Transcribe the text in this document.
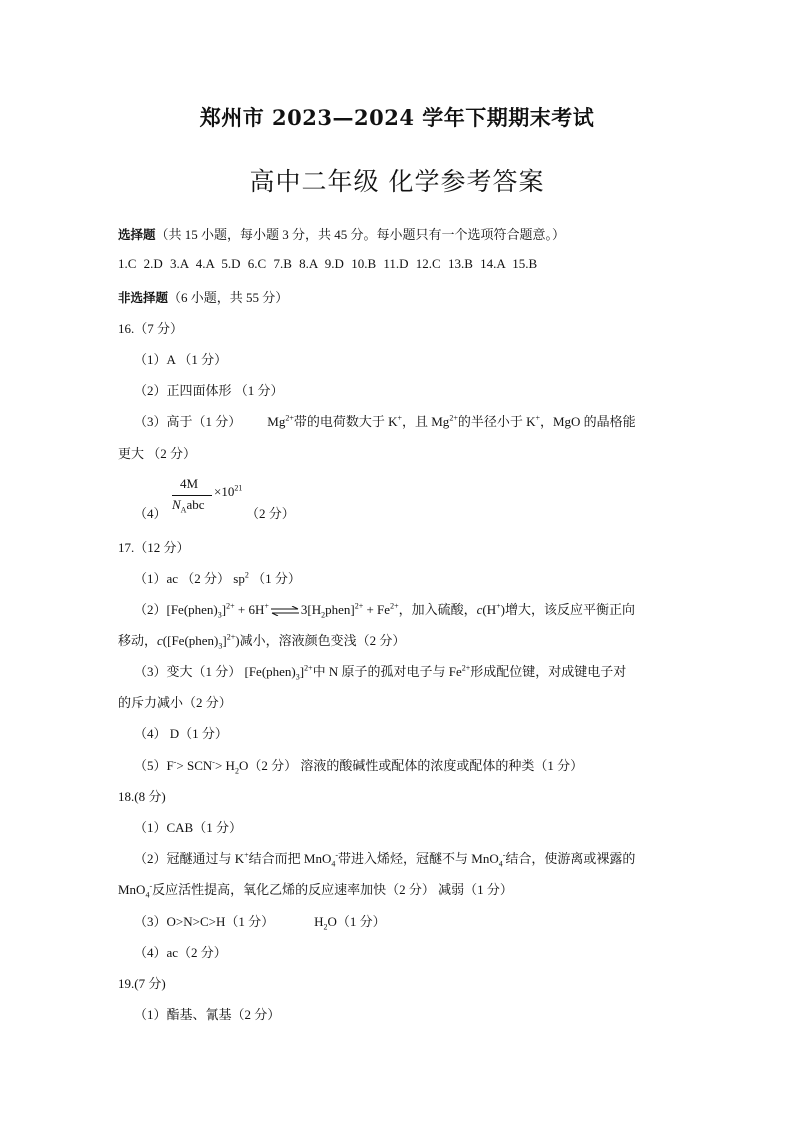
郑州市 2023—2024 学年下期期末考试
高中二年级 化学参考答案
选择题（共 15 小题，每小题 3 分，共 45 分。每小题只有一个选项符合题意。）
1.C 2.D 3.A 4.A 5.D 6.C 7.B 8.A 9.D 10.B 11.D 12.C 13.B 14.A 15.B
非选择题（6 小题，共 55 分）
16.（7 分）
（1）A （1 分）
（2）正四面体形 （1 分）
（3）高于（1 分） $Mg^{2+}$带的电荷数大于 K+，且 $Mg^{2+}$的半径小于 K+，MgO 的晶格能
更大 （2 分）
（4）
4M
$N_Aabc$
$\times 10^{21}$
（2 分）
17.（12 分）
（1）ac （2 分） $sp^2$ （1 分）
$(2)[Fe(phen)_3]^{2+}$ + $6H^+\rightleftharpoons 3[H_2phen]^{2+} + Fe^{2+}$，加入硫酸，c(H+)增大，该反应平衡正向
移动，$c([Fe(phen)_3]^{2+})$减小，溶液颜色变浅（2 分）
（3）变大（1 分） $[Fe(phen)_3]^{2+}$中 N 原子的孤对电子与 $Fe^{2+}$形成配位键，对成键电子对
的斥力减小（2 分）
（4） D（1 分）
$(5)F^-> SCN^-> H_2O(2$ 分） 溶液的酸碱性或配体的浓度或配体的种类（1 分）
18.(8 分)
（1）CAB（1 分）
（2）冠醚通过与 K+结合而把 MnO$_4$-带进入烯烃，冠醚不与 MnO$_4$-结合，使游离或裸露的
MnO$_4$-反应活性提高，氧化乙烯的反应速率加快（2 分） 减弱（1 分）
（3）O>N>C>H（1 分）	$H_2O(1$ 分）
（4）ac（2 分）
19.(7 分)
（1）酯基、氰基（2 分）
